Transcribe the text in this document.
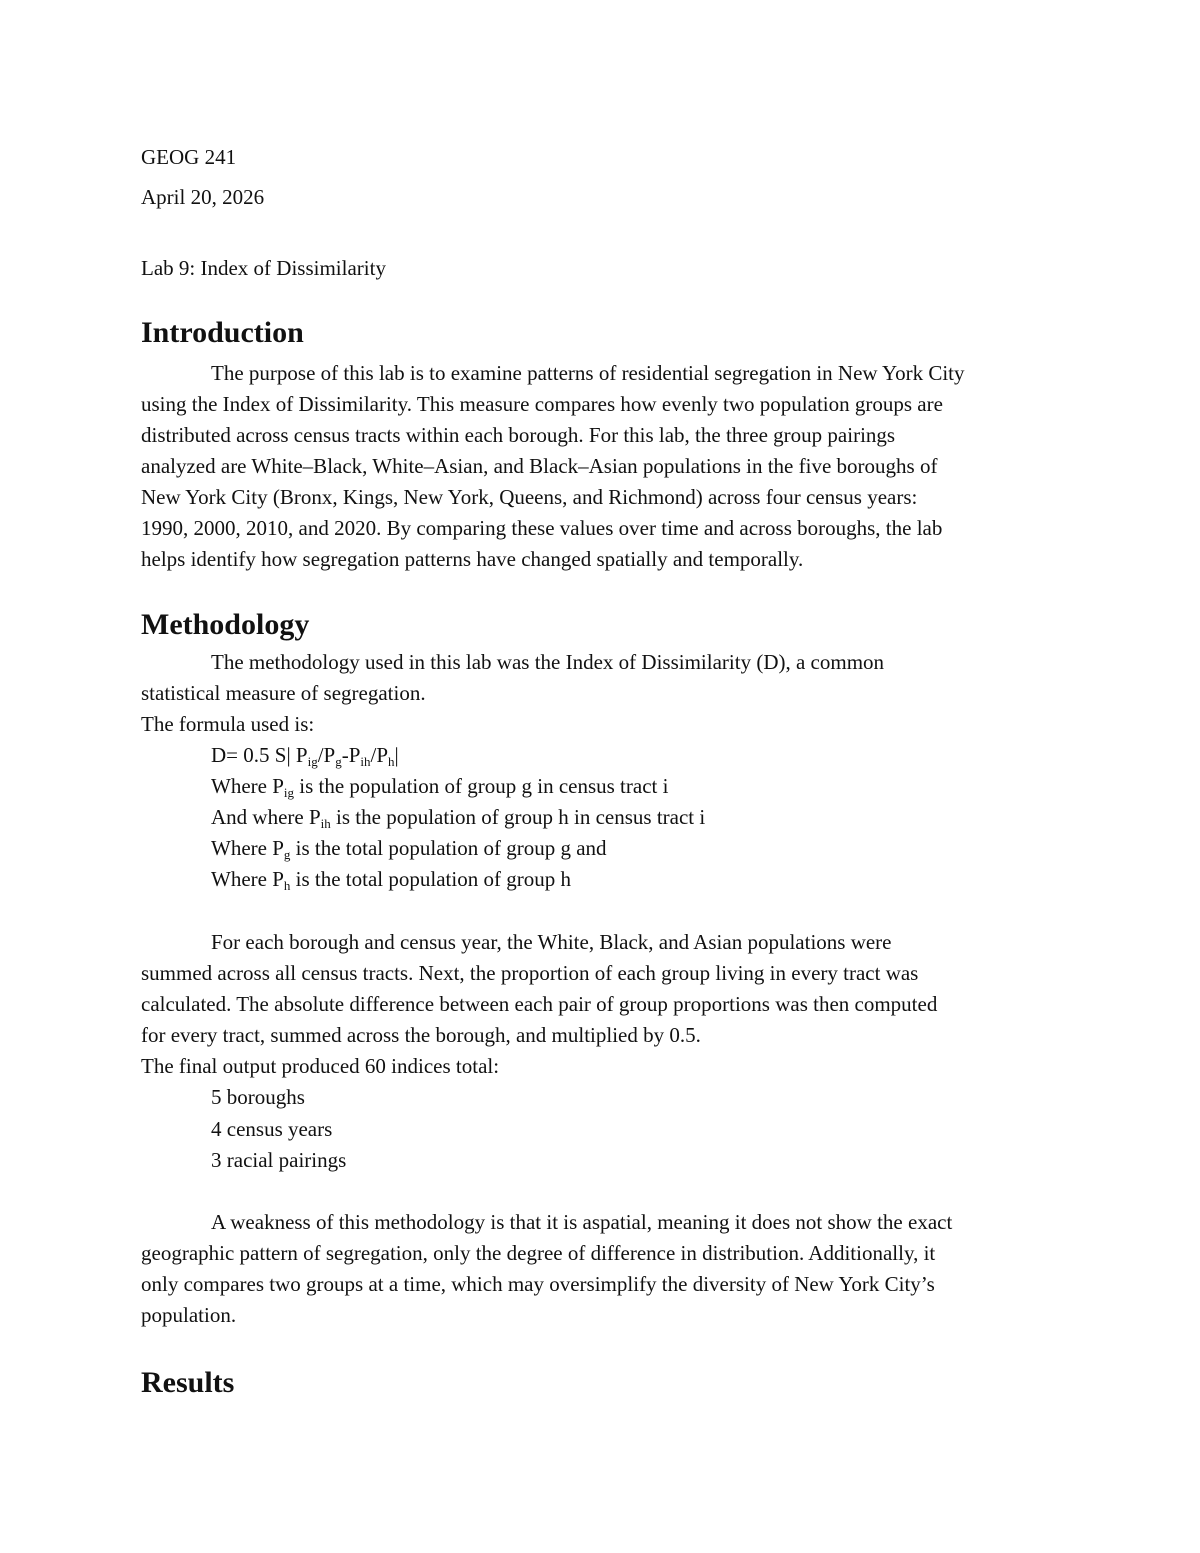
GEOG 241
April 20, 2026
Lab 9: Index of Dissimilarity
Introduction
The purpose of this lab is to examine patterns of residential segregation in New York City
using the Index of Dissimilarity. This measure compares how evenly two population groups are
distributed across census tracts within each borough. For this lab, the three group pairings
analyzed are White–Black, White–Asian, and Black–Asian populations in the five boroughs of
New York City (Bronx, Kings, New York, Queens, and Richmond) across four census years:
1990, 2000, 2010, and 2020. By comparing these values over time and across boroughs, the lab
helps identify how segregation patterns have changed spatially and temporally.
Methodology
The methodology used in this lab was the Index of Dissimilarity (D), a common
statistical measure of segregation.
The formula used is:
D= 0.5 S| $P_{ig}/P_g-P_{ih}/P_h|$
Where $P_{ig}$ is the population of group g in census tract i
And where $P_{ih}$ is the population of group h in census tract i
Where $P_g$ is the total population of group g and
Where $P_h$ is the total population of group h
For each borough and census year, the White, Black, and Asian populations were
summed across all census tracts. Next, the proportion of each group living in every tract was
calculated. The absolute difference between each pair of group proportions was then computed
for every tract, summed across the borough, and multiplied by 0.5.
The final output produced 60 indices total:
5 boroughs
4 census years
3 racial pairings
A weakness of this methodology is that it is aspatial, meaning it does not show the exact
geographic pattern of segregation, only the degree of difference in distribution. Additionally, it
only compares two groups at a time, which may oversimplify the diversity of New York City’s
population.
Results
